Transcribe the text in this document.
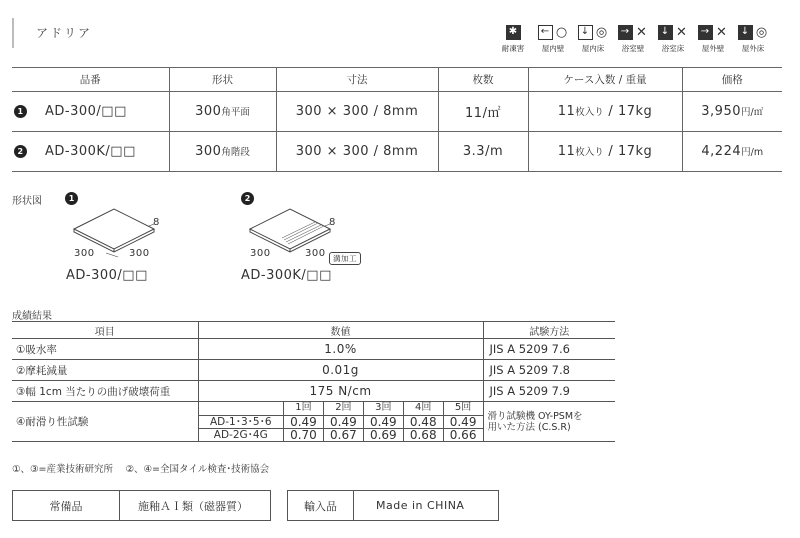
アドリア	✱
耐凍害
← ○
屋内壁
↓ ◎
屋内床
→ ✕
浴室壁
↓ ✕
浴室床
→ ✕
屋外壁
↓ ◎
屋外床
品番	形状	寸法	枚数	ケース入数 / 重量	価格
1 AD-300/□□	300角平面	300 × 300 / 8mm	11/㎡	11枚入り / 17kg	3,950円/㎡
2 AD-300K/□□	300角階段	300 × 300 / 8mm	3.3/m	11枚入り / 17kg	4,224円/m
形状図	1
8
300	300
AD-300/□□
2
8
300	300 溝加工
AD-300K/□□
成績結果
項目	数値	試験方法
①吸水率	1.0%	JIS A 5209 7.6
②摩耗減量	0.01g	JIS A 5209 7.8
③幅 1cm 当たりの曲げ破壊荷重	175 N/cm	JIS A 5209 7.9
④耐滑り性試験	
	1回	2回	3回	4回	5回
AD-1･3･5･6	0.49	0.49	0.49	0.48	0.49
AD-2G･4G	0.70	0.67	0.69	0.68	0.66

滑り試験機 OY-PSMを
用いた方法 (C.S.R)
①、③=産業技術研究所　 ②、④=全国タイル検査･技術協会
常備品	施釉ＡＩ類（磁器質）	輸入品	Made in CHINA
